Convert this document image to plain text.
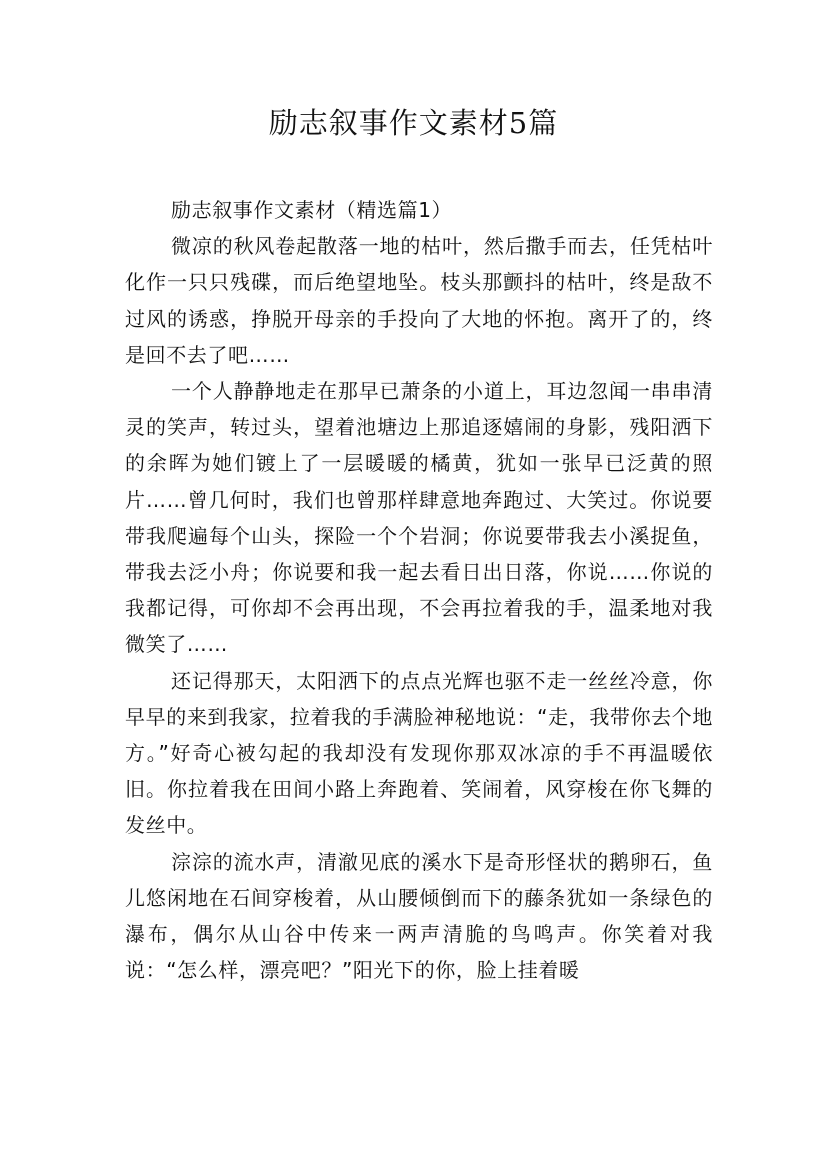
励志叙事作文素材5篇

励志叙事作文素材（精选篇1）

微凉的秋风卷起散落一地的枯叶，然后撒手而去，任凭枯叶化作一只只残碟，而后绝望地坠。枝头那颤抖的枯叶，终是敌不过风的诱惑，挣脱开母亲的手投向了大地的怀抱。离开了的，终是回不去了吧……

一个人静静地走在那早已萧条的小道上，耳边忽闻一串串清灵的笑声，转过头，望着池塘边上那追逐嬉闹的身影，残阳洒下的余晖为她们镀上了一层暖暖的橘黄，犹如一张早已泛黄的照片……曾几何时，我们也曾那样肆意地奔跑过、大笑过。你说要带我爬遍每个山头，探险一个个岩洞；你说要带我去小溪捉鱼，带我去泛小舟；你说要和我一起去看日出日落，你说……你说的我都记得，可你却不会再出现，不会再拉着我的手，温柔地对我微笑了……

还记得那天，太阳洒下的点点光辉也驱不走一丝丝冷意，你早早的来到我家，拉着我的手满脸神秘地说：“走，我带你去个地方。”好奇心被勾起的我却没有发现你那双冰凉的手不再温暖依旧。你拉着我在田间小路上奔跑着、笑闹着，风穿梭在你飞舞的发丝中。

淙淙的流水声，清澈见底的溪水下是奇形怪状的鹅卵石，鱼儿悠闲地在石间穿梭着，从山腰倾倒而下的藤条犹如一条绿色的瀑布，偶尔从山谷中传来一两声清脆的鸟鸣声。你笑着对我说：“怎么样，漂亮吧？”阳光下的你，脸上挂着暖
